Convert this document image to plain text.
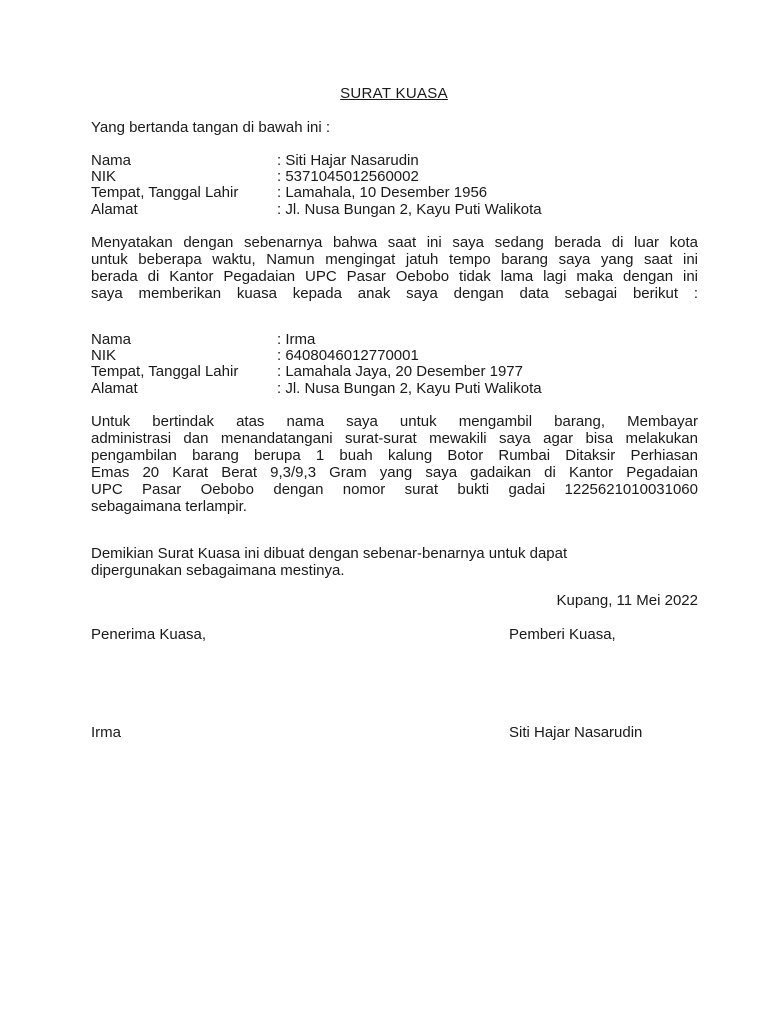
SURAT KUASA
Yang bertanda tangan di bawah ini :
Nama	: Siti Hajar Nasarudin
NIK	: 5371045012560002
Tempat, Tanggal Lahir	: Lamahala, 10 Desember 1956
Alamat	: Jl. Nusa Bungan 2, Kayu Puti Walikota
Menyatakan dengan sebenarnya bahwa saat ini saya sedang berada di luar kota
untuk beberapa waktu, Namun mengingat jatuh tempo barang saya yang saat ini
berada di Kantor Pegadaian UPC Pasar Oebobo tidak lama lagi maka dengan ini
saya memberikan kuasa kepada anak saya dengan data sebagai berikut :
Nama	: Irma
NIK	: 6408046012770001
Tempat, Tanggal Lahir	: Lamahala Jaya, 20 Desember 1977
Alamat	: Jl. Nusa Bungan 2, Kayu Puti Walikota
Untuk bertindak atas nama saya untuk mengambil barang, Membayar
administrasi dan menandatangani surat-surat mewakili saya agar bisa melakukan
pengambilan barang berupa 1 buah kalung Botor Rumbai Ditaksir Perhiasan
Emas 20 Karat Berat 9,3/9,3 Gram yang saya gadaikan di Kantor Pegadaian
UPC Pasar Oebobo dengan nomor surat bukti gadai 1225621010031060
sebagaimana terlampir.
Demikian Surat Kuasa ini dibuat dengan sebenar-benarnya untuk dapat
dipergunakan sebagaimana mestinya.
Kupang, 11 Mei 2022
Penerima Kuasa,	Pemberi Kuasa,
Irma	Siti Hajar Nasarudin
